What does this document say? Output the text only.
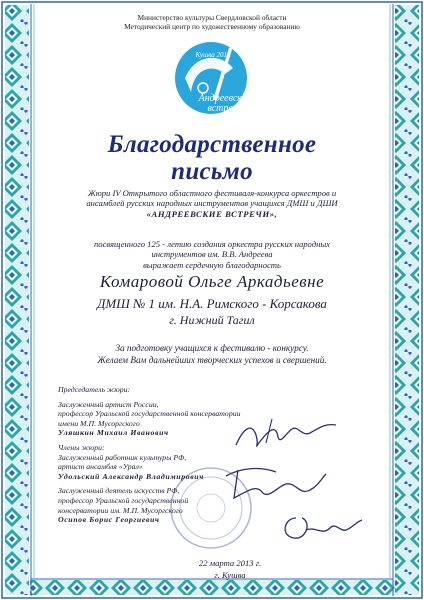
Министерство культуры Свердловской области
Методический центр по художественному образованию
Кушва 2013
Андреевские
встречи
Благодарственное
письмо
Жюри IV Открытого областного фестиваля-конкурса оркестров и
ансамблей русских народных инструментов учащихся ДМШ и ДШИ
«АНДРЕЕВСКИЕ ВСТРЕЧИ»,
посвященного 125 - летию создания оркестра русских народных
инструментов им. В.В. Андреева
выражает сердечную благодарность
Комаровой Ольге Аркадьевне
ДМШ № 1 им. Н.А. Римского - Корсакова
г. Нижний Тагил
За подготовку учащихся к фестивалю - конкурсу.
Желаем Вам дальнейших творческих успехов и свершений.
Председатель жюри:
Заслуженный артист России,
профессор Уральской государственной консерватории
имени М.П. Мусоргского
Уляшкин Михаил Иванович
Члены жюри:
Заслуженный работник культуры РФ,
артист ансамбля «Урал»
Удольский Александр Владимирович
Заслуженный деятель искусств РФ,
профессор Уральской государственной
консерватории им. М.П. Мусоргского
Осипов Борис Георгиевич
22 марта 2013 г.
г. Кушва
